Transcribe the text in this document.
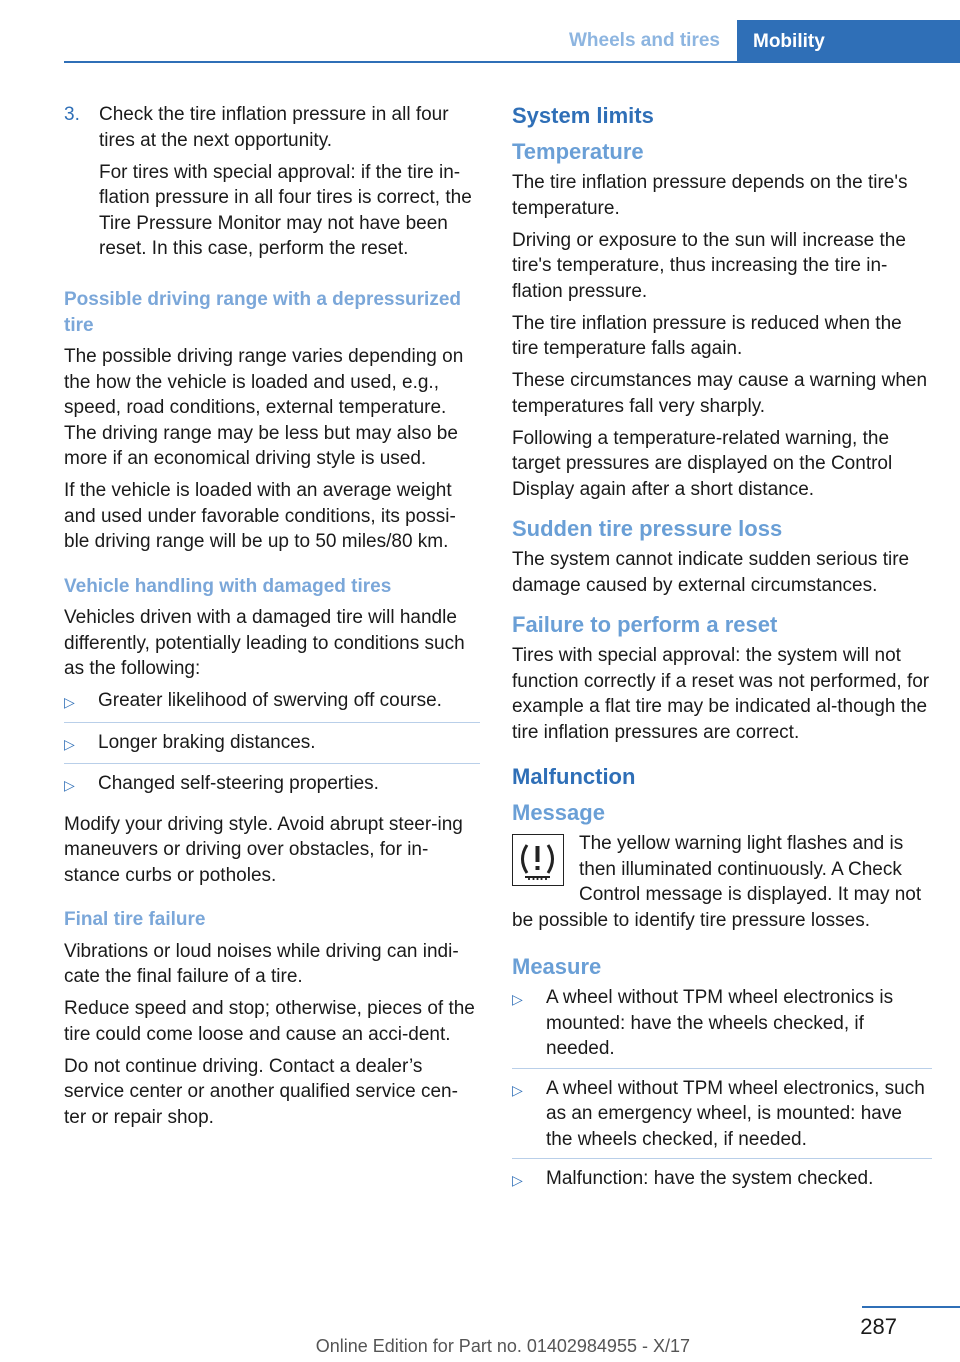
Wheels and tires	Mobility
3.	Check the tire inflation pressure in all four tires at the next opportunity.

For tires with special approval: if the tire in‐flation pressure in all four tires is correct, the Tire Pressure Monitor may not have been reset. In this case, perform the reset.

Possible driving range with a depressurized tire

The possible driving range varies depending on the how the vehicle is loaded and used, e.g., speed, road conditions, external temperature. The driving range may be less but may also be more if an economical driving style is used.

If the vehicle is loaded with an average weight and used under favorable conditions, its possi‐ble driving range will be up to 50 miles/80 km.

Vehicle handling with damaged tires

Vehicles driven with a damaged tire will handle differently, potentially leading to conditions such as the following:

▷	Greater likelihood of swerving off course.
▷	Longer braking distances.
▷	Changed self-steering properties.

Modify your driving style. Avoid abrupt steer‐ing maneuvers or driving over obstacles, for in‐stance curbs or potholes.

Final tire failure

Vibrations or loud noises while driving can indi‐cate the final failure of a tire.

Reduce speed and stop; otherwise, pieces of the tire could come loose and cause an acci‐dent.

Do not continue driving. Contact a dealer’s service center or another qualified service cen‐ter or repair shop.

System limits
Temperature

The tire inflation pressure depends on the tire's temperature.

Driving or exposure to the sun will increase the tire's temperature, thus increasing the tire in‐flation pressure.

The tire inflation pressure is reduced when the tire temperature falls again.

These circumstances may cause a warning when temperatures fall very sharply.

Following a temperature-related warning, the target pressures are displayed on the Control Display again after a short distance.

Sudden tire pressure loss

The system cannot indicate sudden serious tire damage caused by external circumstances.

Failure to perform a reset

Tires with special approval: the system will not function correctly if a reset was not performed, for example a flat tire may be indicated al‐though the tire inflation pressures are correct.

Malfunction
Message

The yellow warning light flashes and is then illuminated continuously. A Check Control message is displayed. It may not be possible to identify tire pressure losses.

Measure
▷	A wheel without TPM wheel electronics is mounted: have the wheels checked, if needed.
▷	A wheel without TPM wheel electronics, such as an emergency wheel, is mounted: have the wheels checked, if needed.
▷	Malfunction: have the system checked.
287
Online Edition for Part no. 01402984955 - X/17
